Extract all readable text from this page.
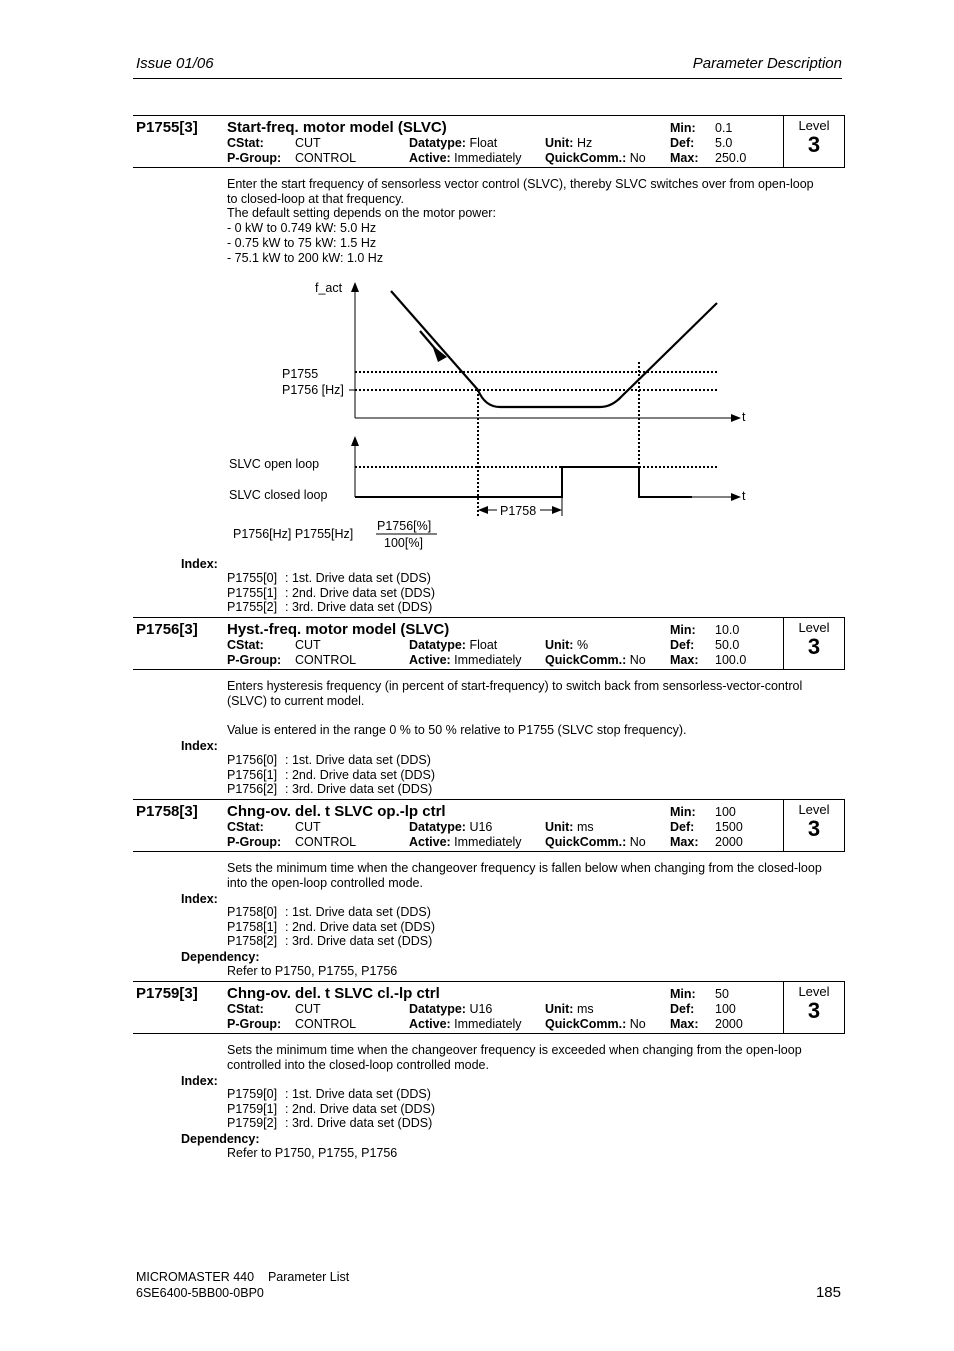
Issue 01/06	Parameter Description
P1755[3] Start-freq. motor model (SLVC)	Min: 0.1
CStat: CUT	Datatype: Float	Unit: Hz	Def: 5.0
P-Group: CONTROL	Active: Immediately QuickComm.: No Max: 250.0
Level
3
Enter the start frequency of sensorless vector control (SLVC), thereby SLVC switches over from open-loop
to closed-loop at that frequency.
The default setting depends on the motor power:
- 0 kW to 0.749 kW: 5.0 Hz
- 0.75 kW to 75 kW: 1.5 Hz
- 75.1 kW to 200 kW: 1.0 Hz
f_act
P1755
P1756 [Hz]
t
SLVC open loop
SLVC closed loop	t
P1758
P1756[Hz] P1755[Hz]
P1756[%]
100[%]
Index:
P1755[0] : 1st. Drive data set (DDS)
P1755[1] : 2nd. Drive data set (DDS)
P1755[2] : 3rd. Drive data set (DDS)
P1756[3] Hyst.-freq. motor model (SLVC)	Min: 10.0
CStat: CUT	Datatype: Float	Unit: %	Def: 50.0
P-Group: CONTROL	Active: Immediately QuickComm.: No Max: 100.0
Level
3
Enters hysteresis frequency (in percent of start-frequency) to switch back from sensorless-vector-control
(SLVC) to current model.
Value is entered in the range 0 % to 50 % relative to P1755 (SLVC stop frequency).
Index:
P1756[0] : 1st. Drive data set (DDS)
P1756[1] : 2nd. Drive data set (DDS)
P1756[2] : 3rd. Drive data set (DDS)
P1758[3] Chng-ov. del. t SLVC op.-lp ctrl	Min: 100
CStat: CUT	Datatype: U16	Unit: ms	Def: 1500
P-Group: CONTROL	Active: Immediately QuickComm.: No Max: 2000
Level
3
Sets the minimum time when the changeover frequency is fallen below when changing from the closed-loop
into the open-loop controlled mode.
Index:
P1758[0] : 1st. Drive data set (DDS)
P1758[1] : 2nd. Drive data set (DDS)
P1758[2] : 3rd. Drive data set (DDS)
Dependency:
Refer to P1750, P1755, P1756
P1759[3] Chng-ov. del. t SLVC cl.-lp ctrl	Min: 50
CStat: CUT	Datatype: U16	Unit: ms	Def: 100
P-Group: CONTROL	Active: Immediately QuickComm.: No Max: 2000
Level
3
Sets the minimum time when the changeover frequency is exceeded when changing from the open-loop
controlled into the closed-loop controlled mode.
Index:
P1759[0] : 1st. Drive data set (DDS)
P1759[1] : 2nd. Drive data set (DDS)
P1759[2] : 3rd. Drive data set (DDS)
Dependency:
Refer to P1750, P1755, P1756
MICROMASTER 440    Parameter List
6SE6400-5BB00-0BP0	185
